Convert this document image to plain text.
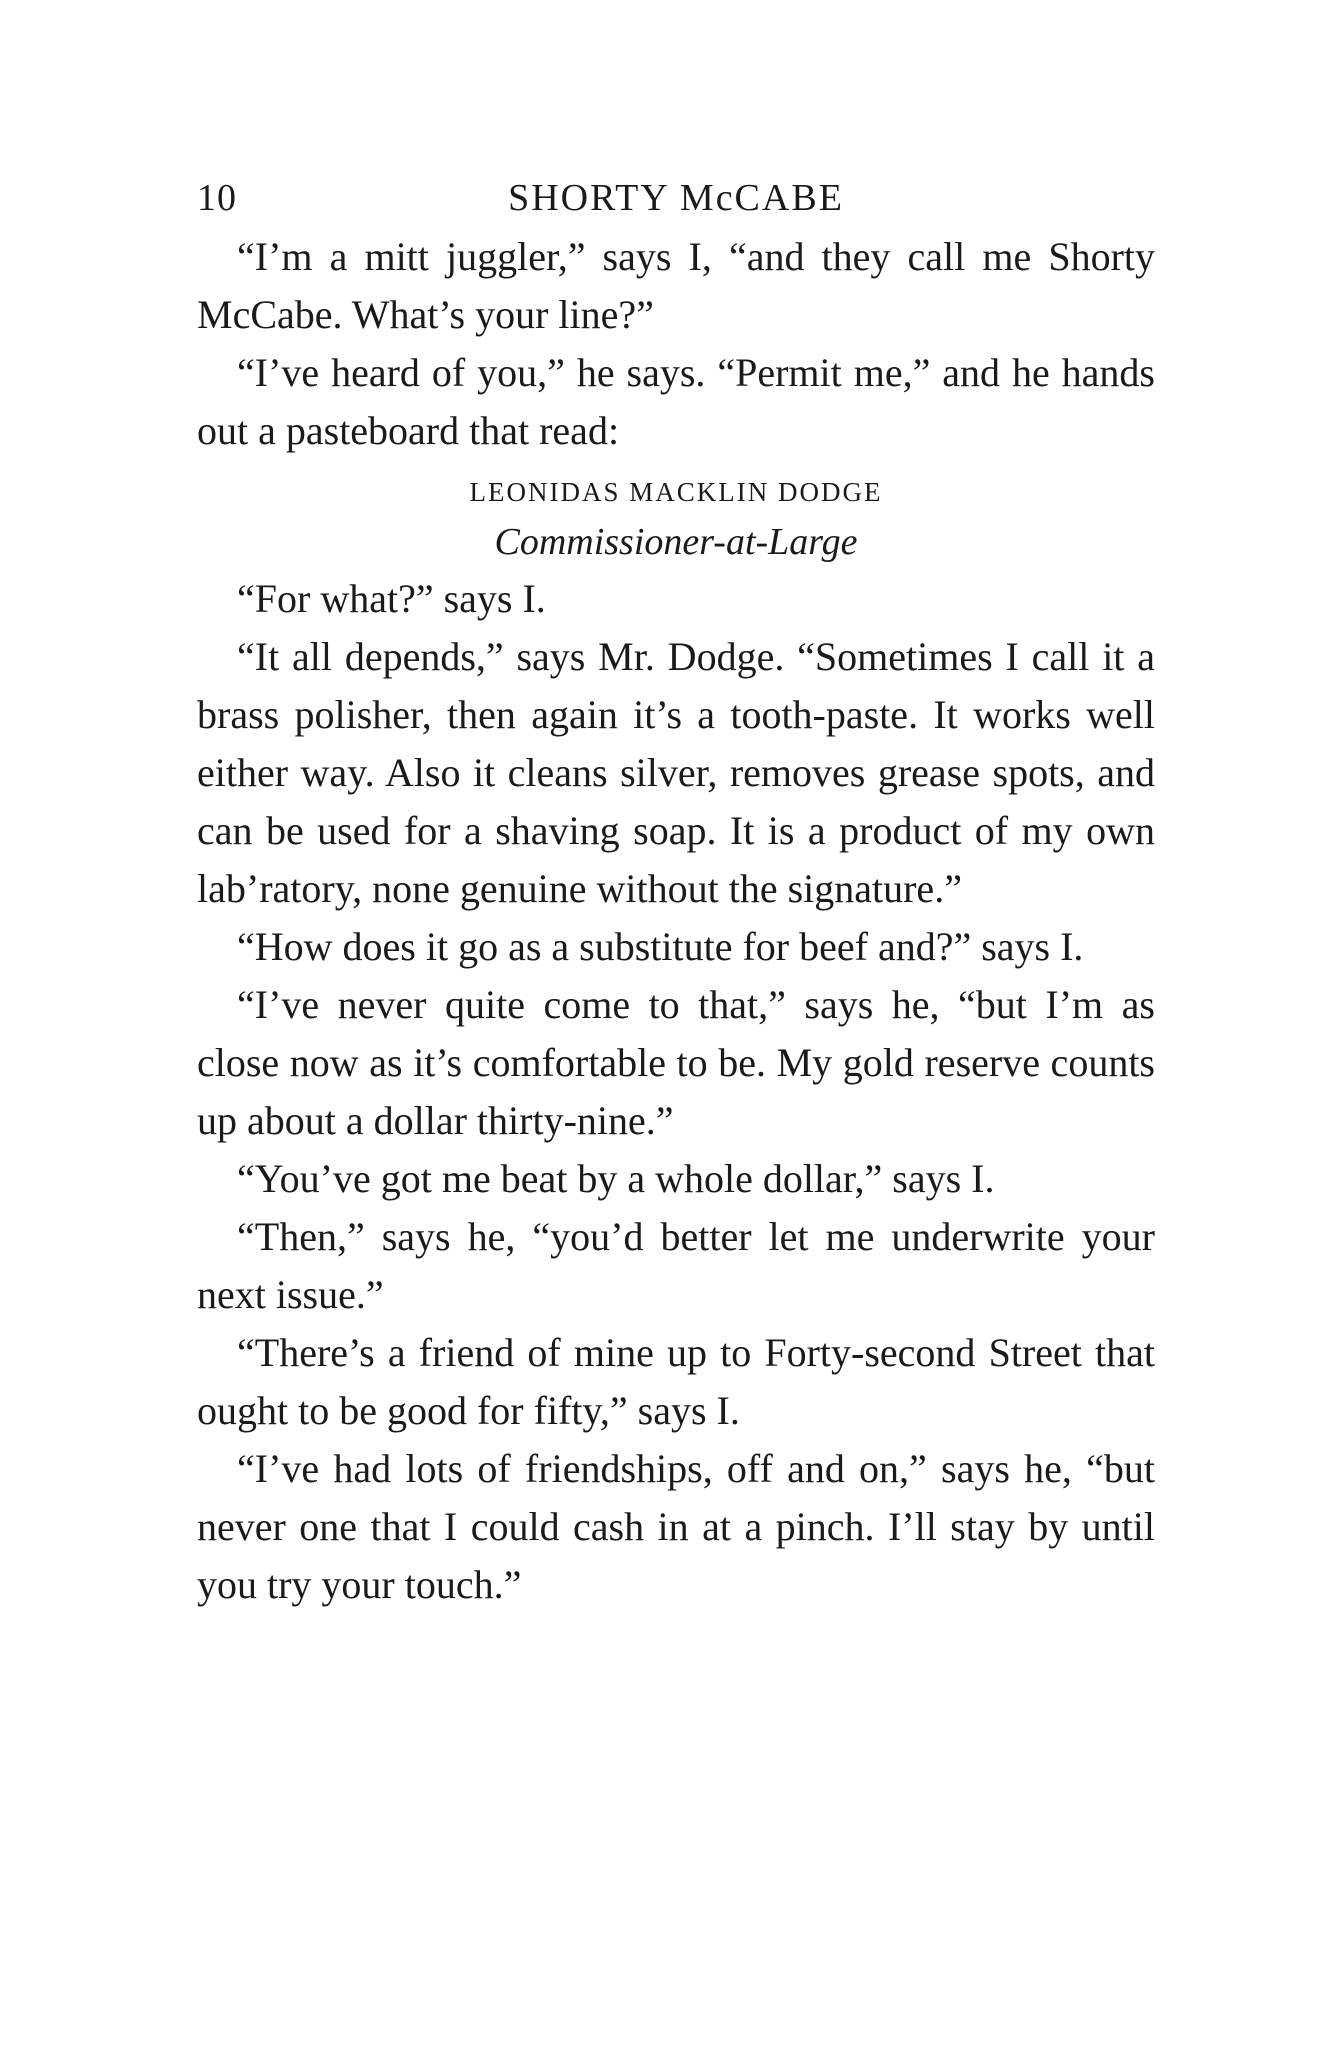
10	SHORTY McCABE

“I’m a mitt juggler,” says I, “and they call me Shorty McCabe. What’s your line?”

“I’ve heard of you,” he says. “Permit me,” and he hands out a pasteboard that read:

LEONIDAS MACKLIN DODGE

Commissioner-at-Large

“For what?” says I.

“It all depends,” says Mr. Dodge. “Sometimes I call it a brass polisher, then again it’s a tooth-paste. It works well either way. Also it cleans silver, removes grease spots, and can be used for a shaving soap. It is a product of my own lab’ratory, none genuine without the signature.”

“How does it go as a substitute for beef and?” says I.

“I’ve never quite come to that,” says he, “but I’m as close now as it’s comfortable to be. My gold reserve counts up about a dollar thirty-nine.”

“You’ve got me beat by a whole dollar,” says I.

“Then,” says he, “you’d better let me underwrite your next issue.”

“There’s a friend of mine up to Forty-second Street that ought to be good for fifty,” says I.

“I’ve had lots of friendships, off and on,” says he, “but never one that I could cash in at a pinch. I’ll stay by until you try your touch.”
